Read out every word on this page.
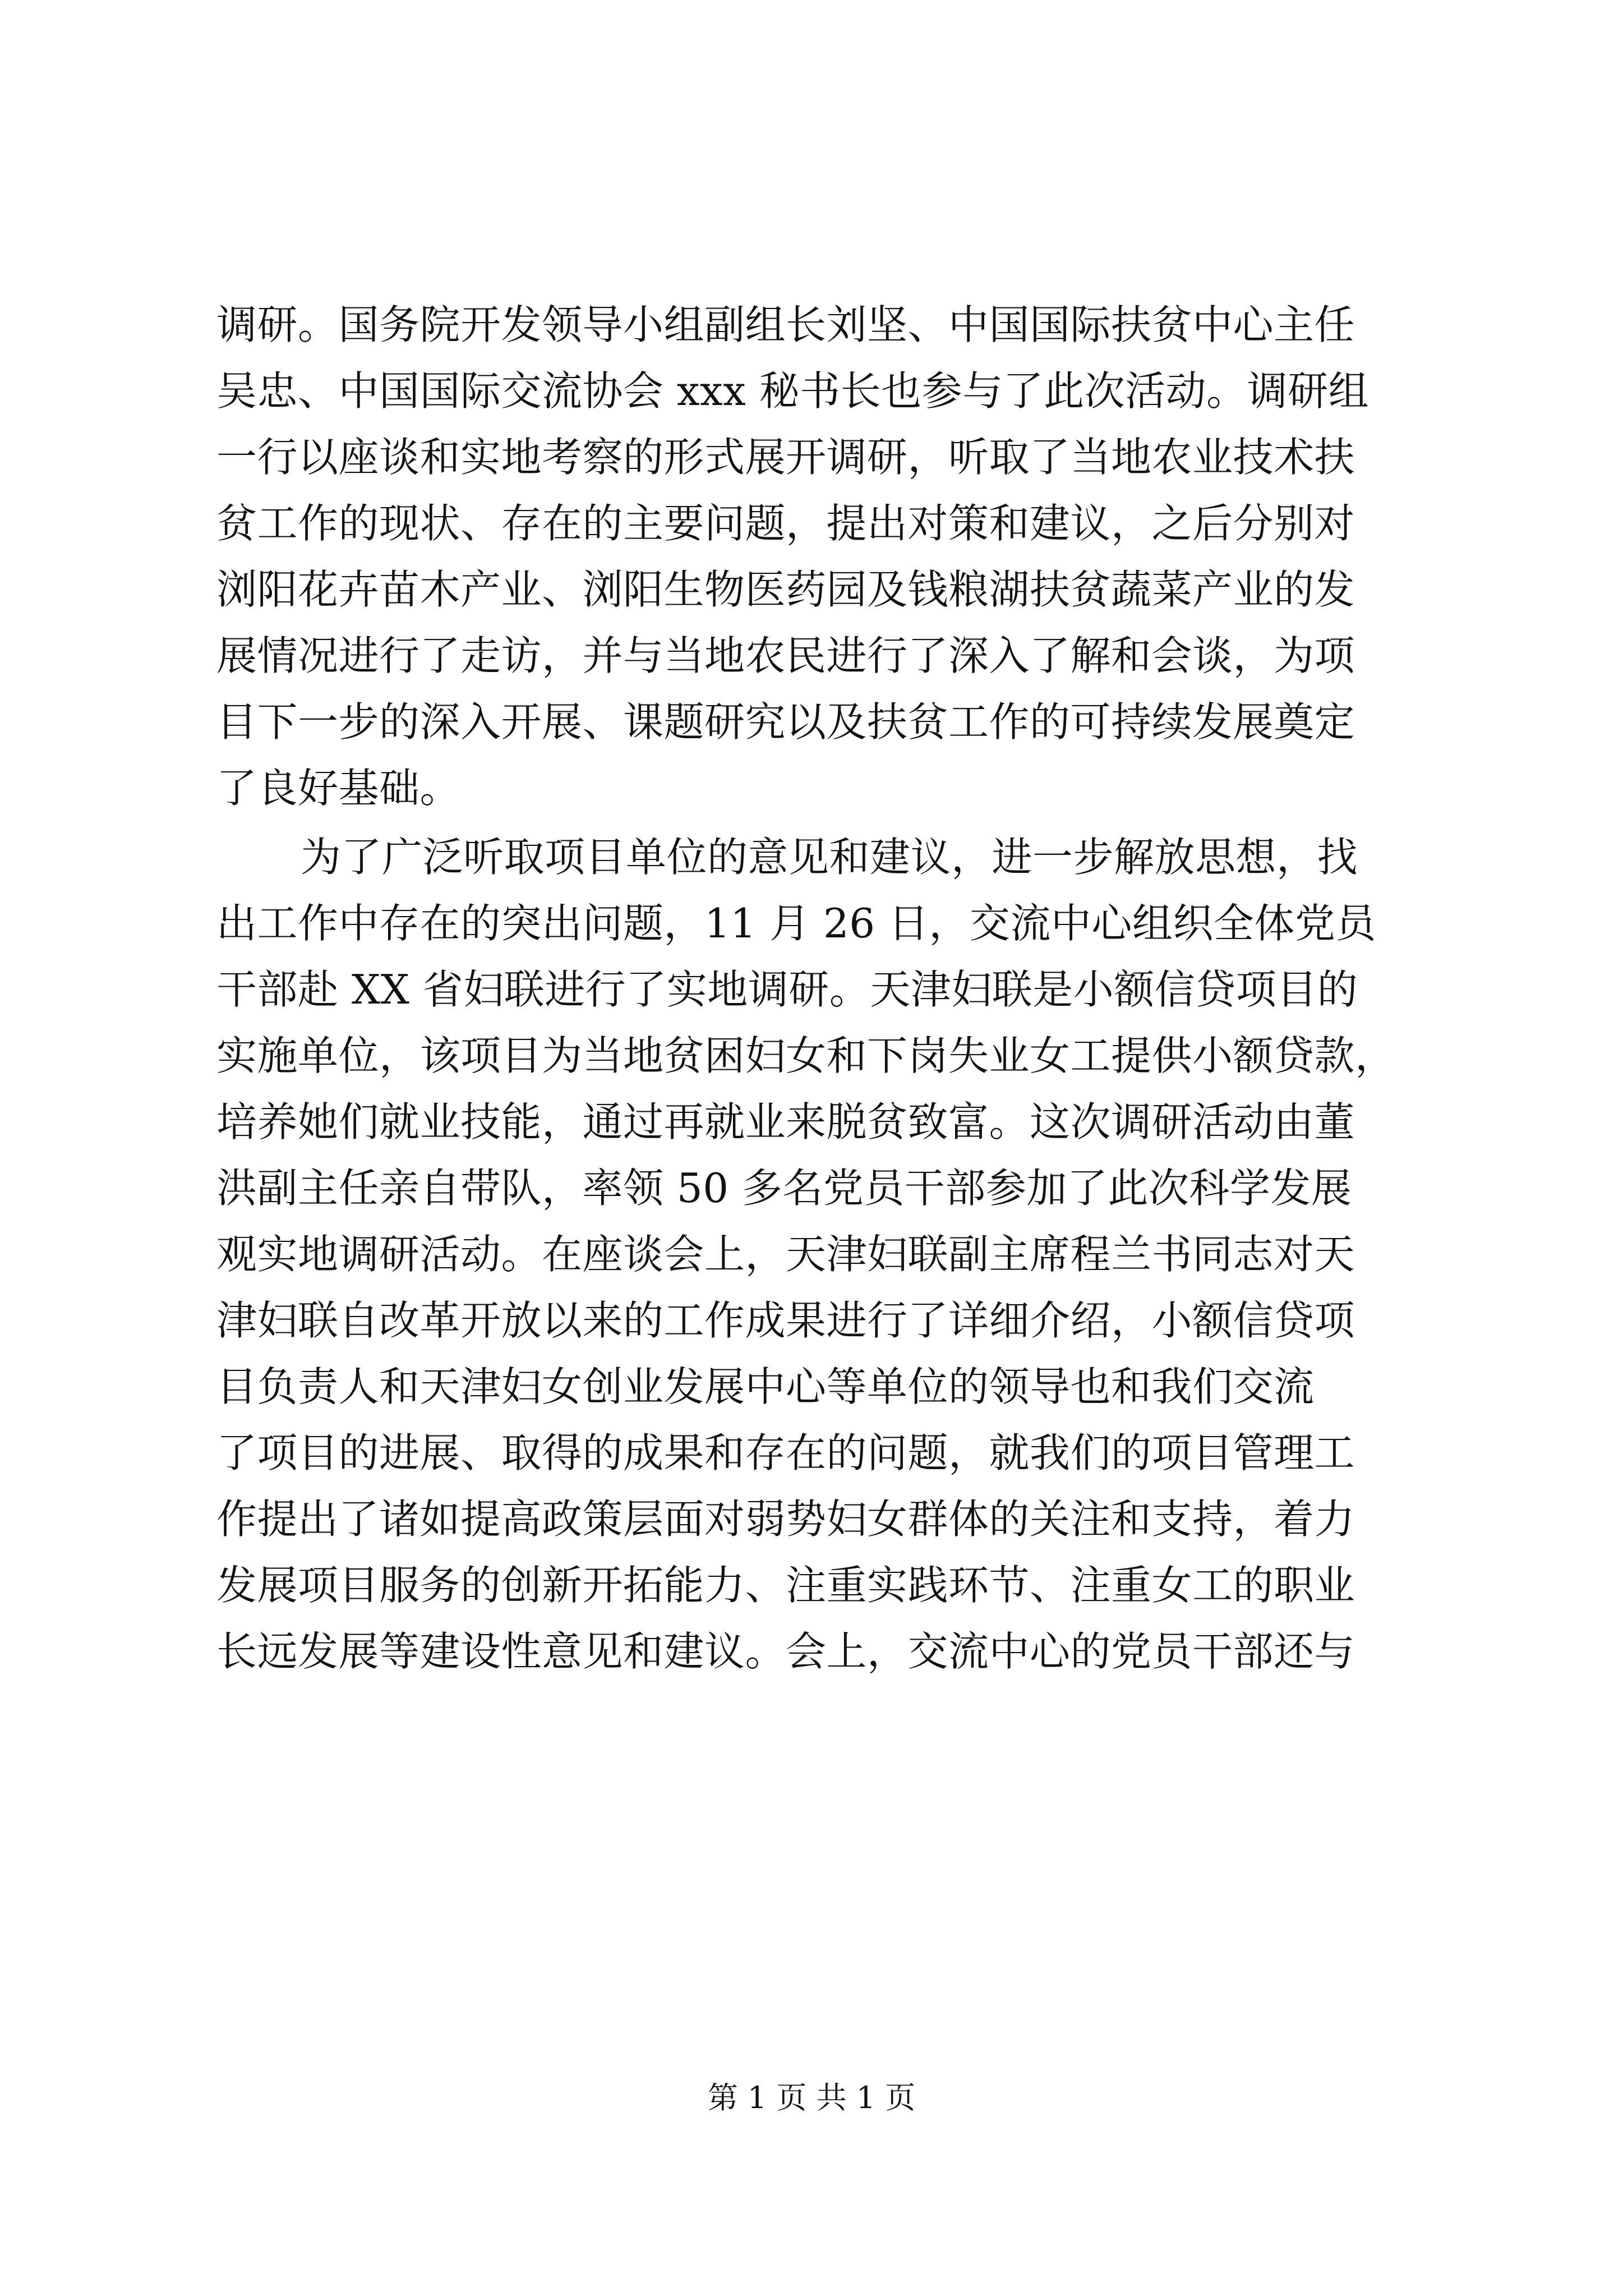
调研。国务院开发领导小组副组长刘坚、中国国际扶贫中心主任
吴忠、中国国际交流协会 xxx 秘书长也参与了此次活动。调研组
一行以座谈和实地考察的形式展开调研，听取了当地农业技术扶
贫工作的现状、存在的主要问题，提出对策和建议，之后分别对
浏阳花卉苗木产业、浏阳生物医药园及钱粮湖扶贫蔬菜产业的发
展情况进行了走访，并与当地农民进行了深入了解和会谈，为项
目下一步的深入开展、课题研究以及扶贫工作的可持续发展奠定
了良好基础。
为了广泛听取项目单位的意见和建议，进一步解放思想，找
出工作中存在的突出问题，11 月 26 日，交流中心组织全体党员
干部赴 XX 省妇联进行了实地调研。天津妇联是小额信贷项目的
实施单位，该项目为当地贫困妇女和下岗失业女工提供小额贷款，
培养她们就业技能，通过再就业来脱贫致富。这次调研活动由董
洪副主任亲自带队，率领 50 多名党员干部参加了此次科学发展
观实地调研活动。在座谈会上，天津妇联副主席程兰书同志对天
津妇联自改革开放以来的工作成果进行了详细介绍，小额信贷项
目负责人和天津妇女创业发展中心等单位的领导也和我们交流
了项目的进展、取得的成果和存在的问题，就我们的项目管理工
作提出了诸如提高政策层面对弱势妇女群体的关注和支持，着力
发展项目服务的创新开拓能力、注重实践环节、注重女工的职业
长远发展等建设性意见和建议。会上，交流中心的党员干部还与
第 1 页 共 1 页
